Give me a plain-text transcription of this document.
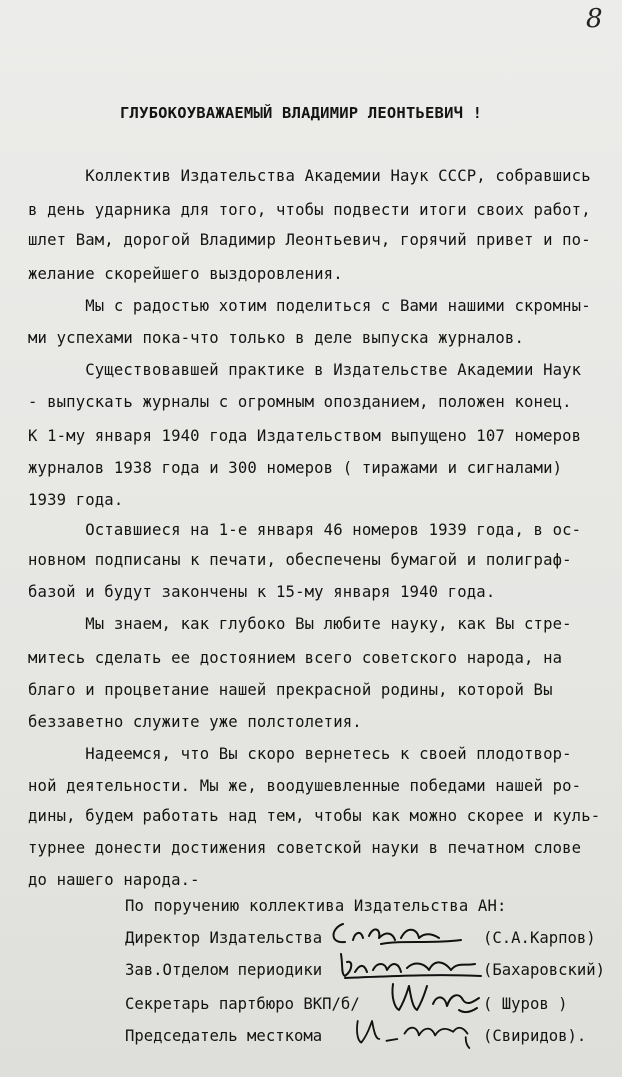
8
ГЛУБОКОУВАЖАЕМЫЙ ВЛАДИМИР ЛЕОНТЬЕВИЧ !
Коллектив Издательства Академии Наук СССР, собравшись
в день ударника для того, чтобы подвести итоги своих работ,
шлет Вам, дорогой Владимир Леонтьевич, горячий привет и по-
желание скорейшего выздоровления.
Мы с радостью хотим поделиться с Вами нашими скромны-
ми успехами пока-что только в деле выпуска журналов.
Существовавшей практике в Издательстве Академии Наук
- выпускать журналы с огромным опозданием, положен конец.
К 1-му января 1940 года Издательством выпущено 107 номеров
журналов 1938 года и 300 номеров ( тиражами и сигналами)
1939 года.
Оставшиеся на 1-е января 46 номеров 1939 года, в ос-
новном подписаны к печати, обеспечены бумагой и полиграф-
базой и будут закончены к 15-му января 1940 года.
Мы знаем, как глубоко Вы любите науку, как Вы стре-
митесь сделать ее достоянием всего советского народа, на
благо и процветание нашей прекрасной родины, которой Вы
беззаветно служите уже полстолетия.
Надеемся, что Вы скоро вернетесь к своей плодотвор-
ной деятельности. Мы же, воодушевленные победами нашей ро-
дины, будем работать над тем, чтобы как можно скорее и куль-
турнее донести достижения советской науки в печатном слове
до нашего народа.-
По поручению коллектива Издательства АН:
Директор Издательства	(С.А.Карпов)
Зав.Отделом периодики	(Бахаровский)
Секретарь партбюро ВКП/б/	( Шуров )
Председатель месткома	(Свиридов).
